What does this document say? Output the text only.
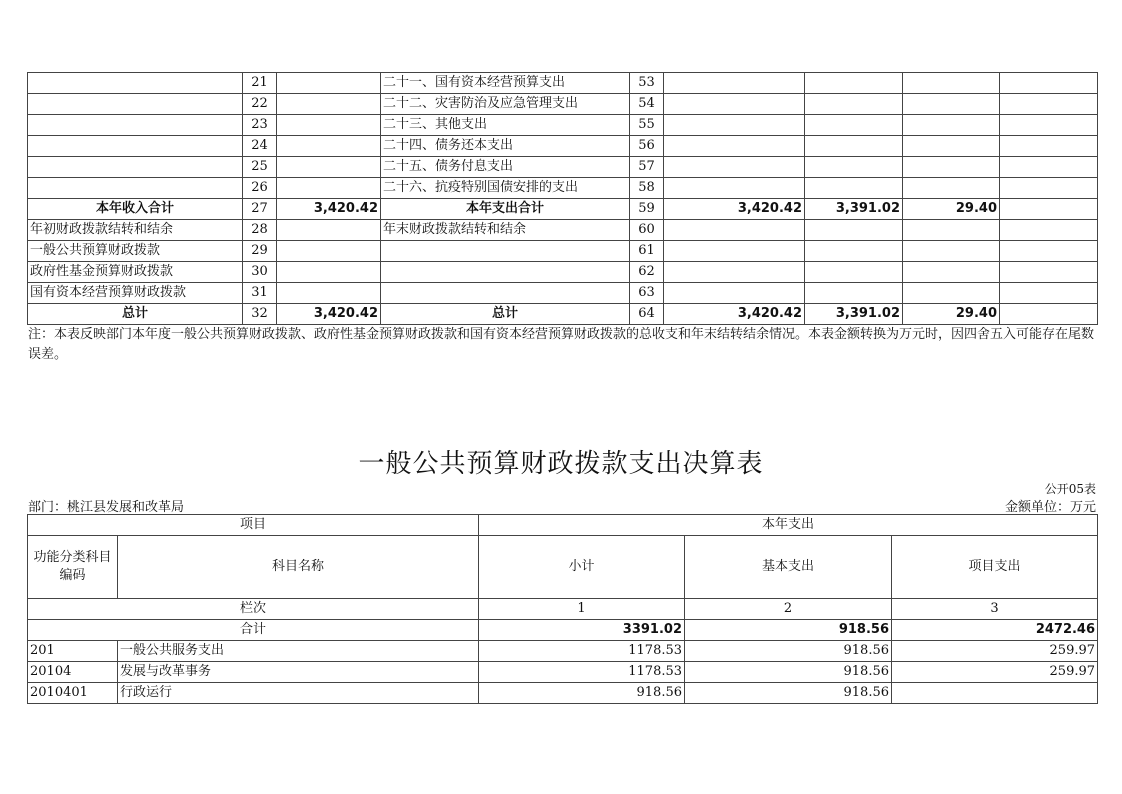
	21		二十一、国有资本经营预算支出	53				
	22		二十二、灾害防治及应急管理支出	54				
	23		二十三、其他支出	55				
	24		二十四、债务还本支出	56				
	25		二十五、债务付息支出	57				
	26		二十六、抗疫特别国债安排的支出	58				
本年收入合计	27	3,420.42	本年支出合计	59	3,420.42	3,391.02	29.40	
年初财政拨款结转和结余	28		年末财政拨款结转和结余	60				
一般公共预算财政拨款	29			61				
政府性基金预算财政拨款	30			62				
国有资本经营预算财政拨款	31			63				
总计	32	3,420.42	总计	64	3,420.42	3,391.02	29.40	
注：本表反映部门本年度一般公共预算财政拨款、政府性基金预算财政拨款和国有资本经营预算财政拨款的总收支和年末结转结余情况。本表金额转换为万元时，因四舍五入可能存在尾数误差。
一般公共预算财政拨款支出决算表
公开05表
部门：桃江县发展和改革局	金额单位：万元
项目		本年支出		
功能分类科目编码	科目名称	小计	基本支出	项目支出
栏次		1	2	3
合计		3391.02	918.56	2472.46
201	一般公共服务支出	1178.53	918.56	259.97
20104	发展与改革事务	1178.53	918.56	259.97
2010401	行政运行	918.56	918.56	
